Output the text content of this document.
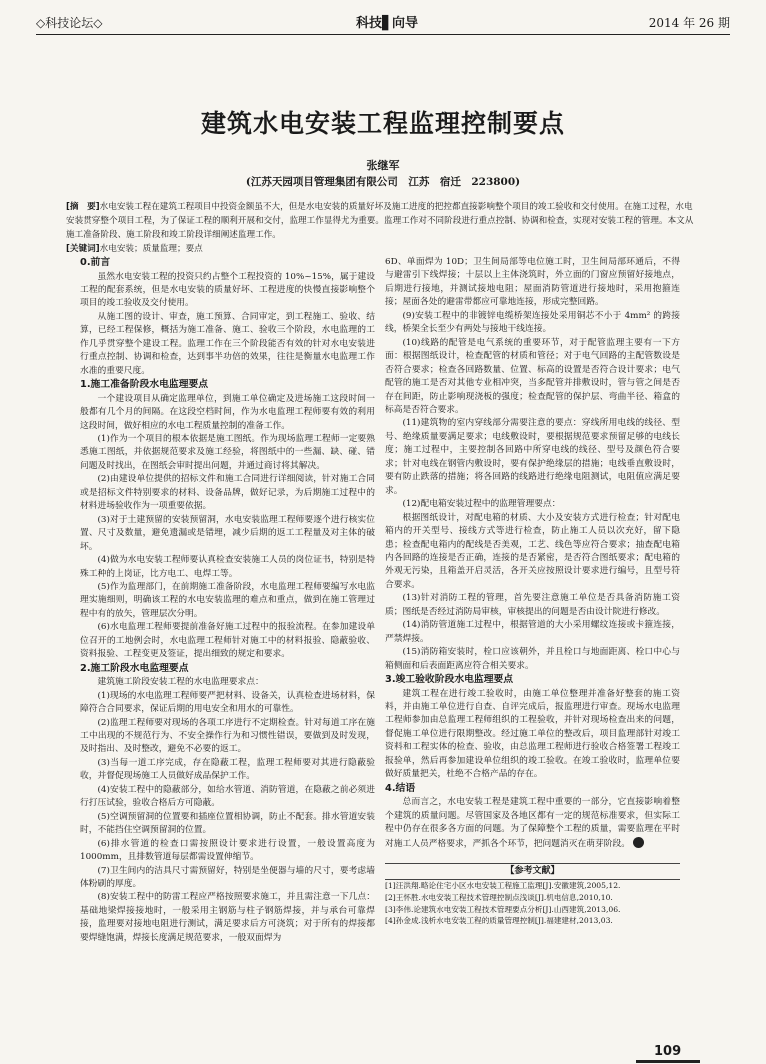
◇科技论坛◇	科技▋向导	2014 年 26 期
建筑水电安装工程监理控制要点
张继军
(江苏天园项目管理集团有限公司　江苏　宿迁　223800)

[摘　要]水电安装工程在建筑工程项目中投资金额虽不大，但是水电安装的质量好坏及施工进度的把控都直接影响整个项目的竣工验收和交付使用。在施工过程，水电安装贯穿整个项目工程，为了保证工程的顺利开展和交付，监理工作显得尤为重要。监理工作对不同阶段进行重点控制、协调和检查，实现对安装工程的管理。本文从施工准备阶段、施工阶段和竣工阶段详细阐述监理工作。

[关键词]水电安装；质量监理；要点

0.前言

虽然水电安装工程的投资只约占整个工程投资的 10%~15%，属于建设工程的配套系统，但是水电安装的质量好坏、工程进度的快慢直接影响整个项目的竣工验收及交付使用。

从施工图的设计、审查，施工预算、合同审定，到工程施工、验收、结算，已经工程保修，概括为施工准备、施工、验收三个阶段，水电监理的工作几乎贯穿整个建设工程。监理工作在三个阶段能否有效的针对水电安装进行重点控制、协调和检查，达到事半功倍的效果，往往是衡量水电监理工作水准的重要尺度。

1.施工准备阶段水电监理要点

一个建设项目从确定监理单位，到施工单位确定及进场施工这段时间一般都有几个月的间隔。在这段空档时间，作为水电监理工程师要有效的利用这段时间，做好相应的水电工程质量控制的准备工作。

(1)作为一个项目的根本依据是施工图纸。作为现场监理工程师一定要熟悉施工图纸，并依据规范要求及施工经验，将图纸中的一些漏、缺、碰、错问题及时找出，在图纸会审时提出问题，并通过商讨将其解决。

(2)由建设单位提供的招标文件和施工合同进行详细阅读，针对施工合同或是招标文件特别要求的材料、设备品牌，做好记录，为后期施工过程中的材料进场验收作为一项重要依据。

(3)对于土建预留的安装预留洞，水电安装监理工程师要逐个进行核实位置、尺寸及数量，避免遗漏或是错埋，减少后期的返工工程量及对主体的破坏。

(4)做为水电安装工程师要认真检查安装施工人员的岗位证书，特别是特殊工种的上岗证，比方电工、电焊工等。

(5)作为监理部门，在前期施工准备阶段，水电监理工程师要编写水电监理实施细则，明确该工程的水电安装监理的难点和重点，做到在施工管理过程中有的放矢，管理层次分明。

(6)水电监理工程师要提前准备好施工过程中的报验流程。在参加建设单位召开的工地例会时，水电监理工程师针对施工中的材料报验、隐蔽验收、资料报验、工程变更及签证，提出细致的规定和要求。

2.施工阶段水电监理要点

建筑施工阶段安装工程的水电监理要求点：

(1)现场的水电监理工程师要严把材料、设备关，认真检查进场材料，保障符合合同要求，保证后期的用电安全和用水的可靠性。

(2)监理工程师要对现场的各项工序进行不定期检查。针对每道工序在施工中出现的不规范行为、不安全操作行为和习惯性错误，要做到及时发现，及时指出、及时整改，避免不必要的返工。

(3)当每一道工序完成，存在隐蔽工程，监理工程师要对其进行隐蔽验收，并督促现场施工人员做好成品保护工作。

(4)安装工程中的隐蔽部分，如给水管道、消防管道，在隐蔽之前必须进行打压试验，验收合格后方可隐蔽。

(5)空调预留洞的位置要和插座位置相协调，防止不配套。排水管道安装时，不能挡住空调预留洞的位置。

(6)排水管道的检查口需按照设计要求进行设置，一般设置高度为 1000mm，且排数管道每层都需设置伸缩节。

(7)卫生间内的洁具尺寸需预留好，特别是坐便器与墙的尺寸，要考虑墙体粉刷的厚度。

(8)安装工程中的防雷工程应严格按照要求施工，并且需注意一下几点：基础地梁焊接接地时，一般采用主钢筋与柱子钢筋焊接，并与承台可靠焊接，监理要对接地电阻进行测试，满足要求后方可浇筑；对于所有的焊接都要焊缝饱满，焊接长度满足规范要求，一般双面焊为

6D、单面焊为 10D；卫生间局部等电位施工时，卫生间局部环通后，不得与避雷引下线焊接；十层以上主体浇筑时，外立面的门窗应预留好接地点，后期进行接地，并测试接地电阻；屋面消防管道进行接地时，采用抱箍连接；屋面各处的避雷带都应可靠地连接，形成完整回路。

(9)安装工程中的非镀锌电缆桥架连接处采用铜芯不小于 4mm² 的跨接线，桥架全长至少有两处与接地干线连接。

(10)线路的配管是电气系统的重要环节，对于配管监理主要有一下方面：根据图纸设计，检查配管的材质和管径；对于电气回路的主配管数设是否符合要求；检查各回路数量、位置、标高的设置是否符合设计要求；电气配管的施工是否对其他专业相冲突，当多配管并排敷设时，管与管之间是否存在间距，防止影响现浇板的强度；检查配管的保护层、弯曲半径、箱盒的标高是否符合要求。

(11)建筑物的室内穿线部分需要注意的要点：穿线所用电线的线径、型号、绝缘质量要满足要求；电线敷设时，要根据规范要求预留足够的电线长度；施工过程中，主要控制各回路中所穿电线的线径、型号及颜色符合要求；针对电线在钢管内敷设时，要有保护绝缘层的措施；电线垂直敷设时，要有防止跌落的措施；将各回路的线路进行绝缘电阻测试，电阻值应满足要求。

(12)配电箱安装过程中的监理管理要点：

根据图纸设计，对配电箱的材质、大小及安装方式进行检查；针对配电箱内的开关型号、接线方式等进行检查，防止施工人员以次充好，留下隐患；检查配电箱内的配线是否美观，工艺、线色等应符合要求；抽查配电箱内各回路的连接是否正确，连接的是否紧密，是否符合图纸要求；配电箱的外观无污染，且箱盖开启灵活，各开关应按照设计要求进行编号，且型号符合要求。

(13)针对消防工程的管理，首先要注意施工单位是否具备消防施工资质；图纸是否经过消防局审核，审核提出的问题是否由设计院进行修改。

(14)消防管道施工过程中，根据管道的大小采用螺纹连接或卡箍连接，严禁焊接。

(15)消防箱安装时，栓口应该朝外，并且栓口与地面距离、栓口中心与箱侧面和后表面距离应符合相关要求。

3.竣工验收阶段水电监理要点

建筑工程在进行竣工验收时，由施工单位整理并准备好整套的施工资料，并由施工单位进行自查、自评完成后，报监理进行审查。现场水电监理工程师参加由总监理工程师组织的工程验收，并针对现场检查出来的问题，督促施工单位进行限期整改。经过施工单位的整改后，项目监理部针对竣工资料和工程实体的检查、验收，由总监理工程师进行验收合格签署工程竣工报验单，然后再参加建设单位组织的竣工验收。在竣工验收时，监理单位要做好质量把关，杜绝不合格产品的存在。

4.结语

总而言之，水电安装工程是建筑工程中重要的一部分，它直接影响着整个建筑的质量问题。尽管国家及各地区都有一定的规范标准要求，但实际工程中仍存在很多各方面的问题。为了保障整个工程的质量，需要监理在平时对施工人员严格要求，严抓各个环节，把问题消灭在萌芽阶段。

【参考文献】
[1]汪洪翔.略论住宅小区水电安装工程施工监理[J].安徽建筑,2005,12.
[2]王怀胜.水电安装工程技术管理控制点浅谈[J].机电信息,2010,10.
[3]李伟.论建筑水电安装工程技术管理要点分析[J].山西建筑,2013,06.
[4]孙金成.浅析水电安装工程的质量管理控制[J].福建建材,2013,03.
109
